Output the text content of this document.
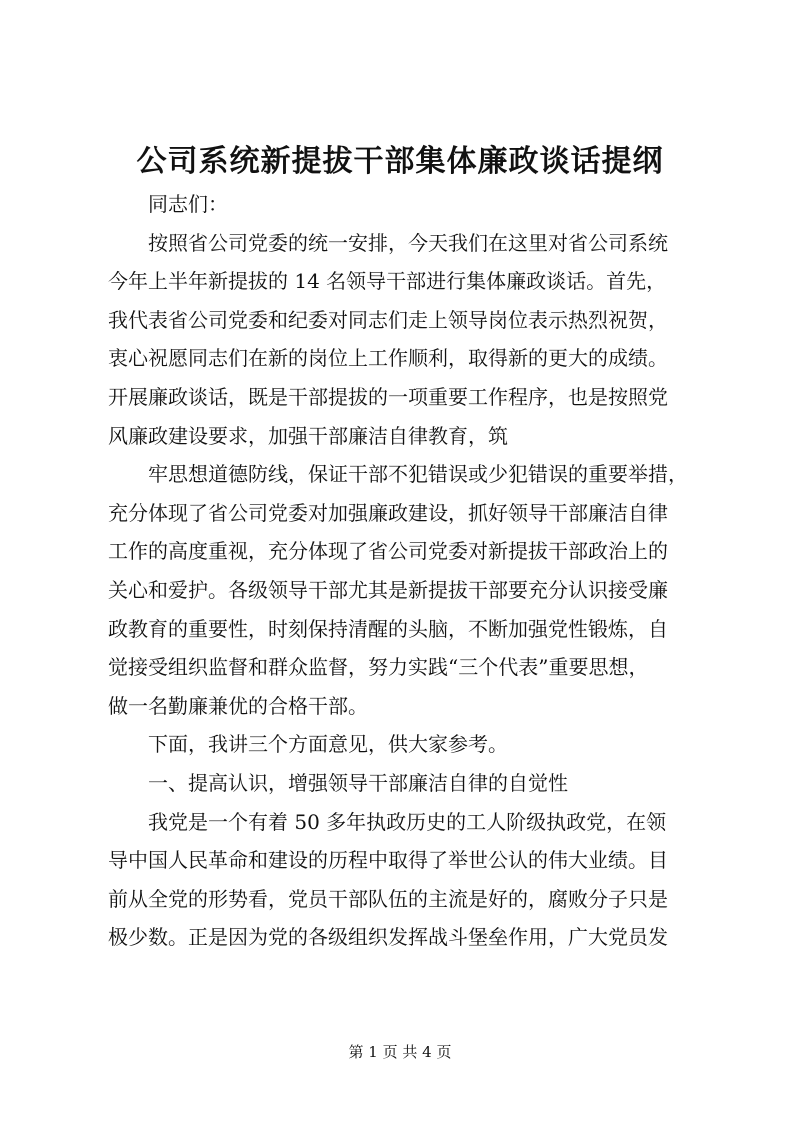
公司系统新提拔干部集体廉政谈话提纲
同志们：
按照省公司党委的统一安排，今天我们在这里对省公司系统
今年上半年新提拔的 14 名领导干部进行集体廉政谈话。首先，
我代表省公司党委和纪委对同志们走上领导岗位表示热烈祝贺，
衷心祝愿同志们在新的岗位上工作顺利，取得新的更大的成绩。
开展廉政谈话，既是干部提拔的一项重要工作程序，也是按照党
风廉政建设要求，加强干部廉洁自律教育，筑
牢思想道德防线，保证干部不犯错误或少犯错误的重要举措，
充分体现了省公司党委对加强廉政建设，抓好领导干部廉洁自律
工作的高度重视，充分体现了省公司党委对新提拔干部政治上的
关心和爱护。各级领导干部尤其是新提拔干部要充分认识接受廉
政教育的重要性，时刻保持清醒的头脑，不断加强党性锻炼，自
觉接受组织监督和群众监督，努力实践“三个代表”重要思想，
做一名勤廉兼优的合格干部。
下面，我讲三个方面意见，供大家参考。
一、提高认识，增强领导干部廉洁自律的自觉性
我党是一个有着 50 多年执政历史的工人阶级执政党，在领
导中国人民革命和建设的历程中取得了举世公认的伟大业绩。目
前从全党的形势看，党员干部队伍的主流是好的，腐败分子只是
极少数。正是因为党的各级组织发挥战斗堡垒作用，广大党员发
第 1 页 共 4 页
